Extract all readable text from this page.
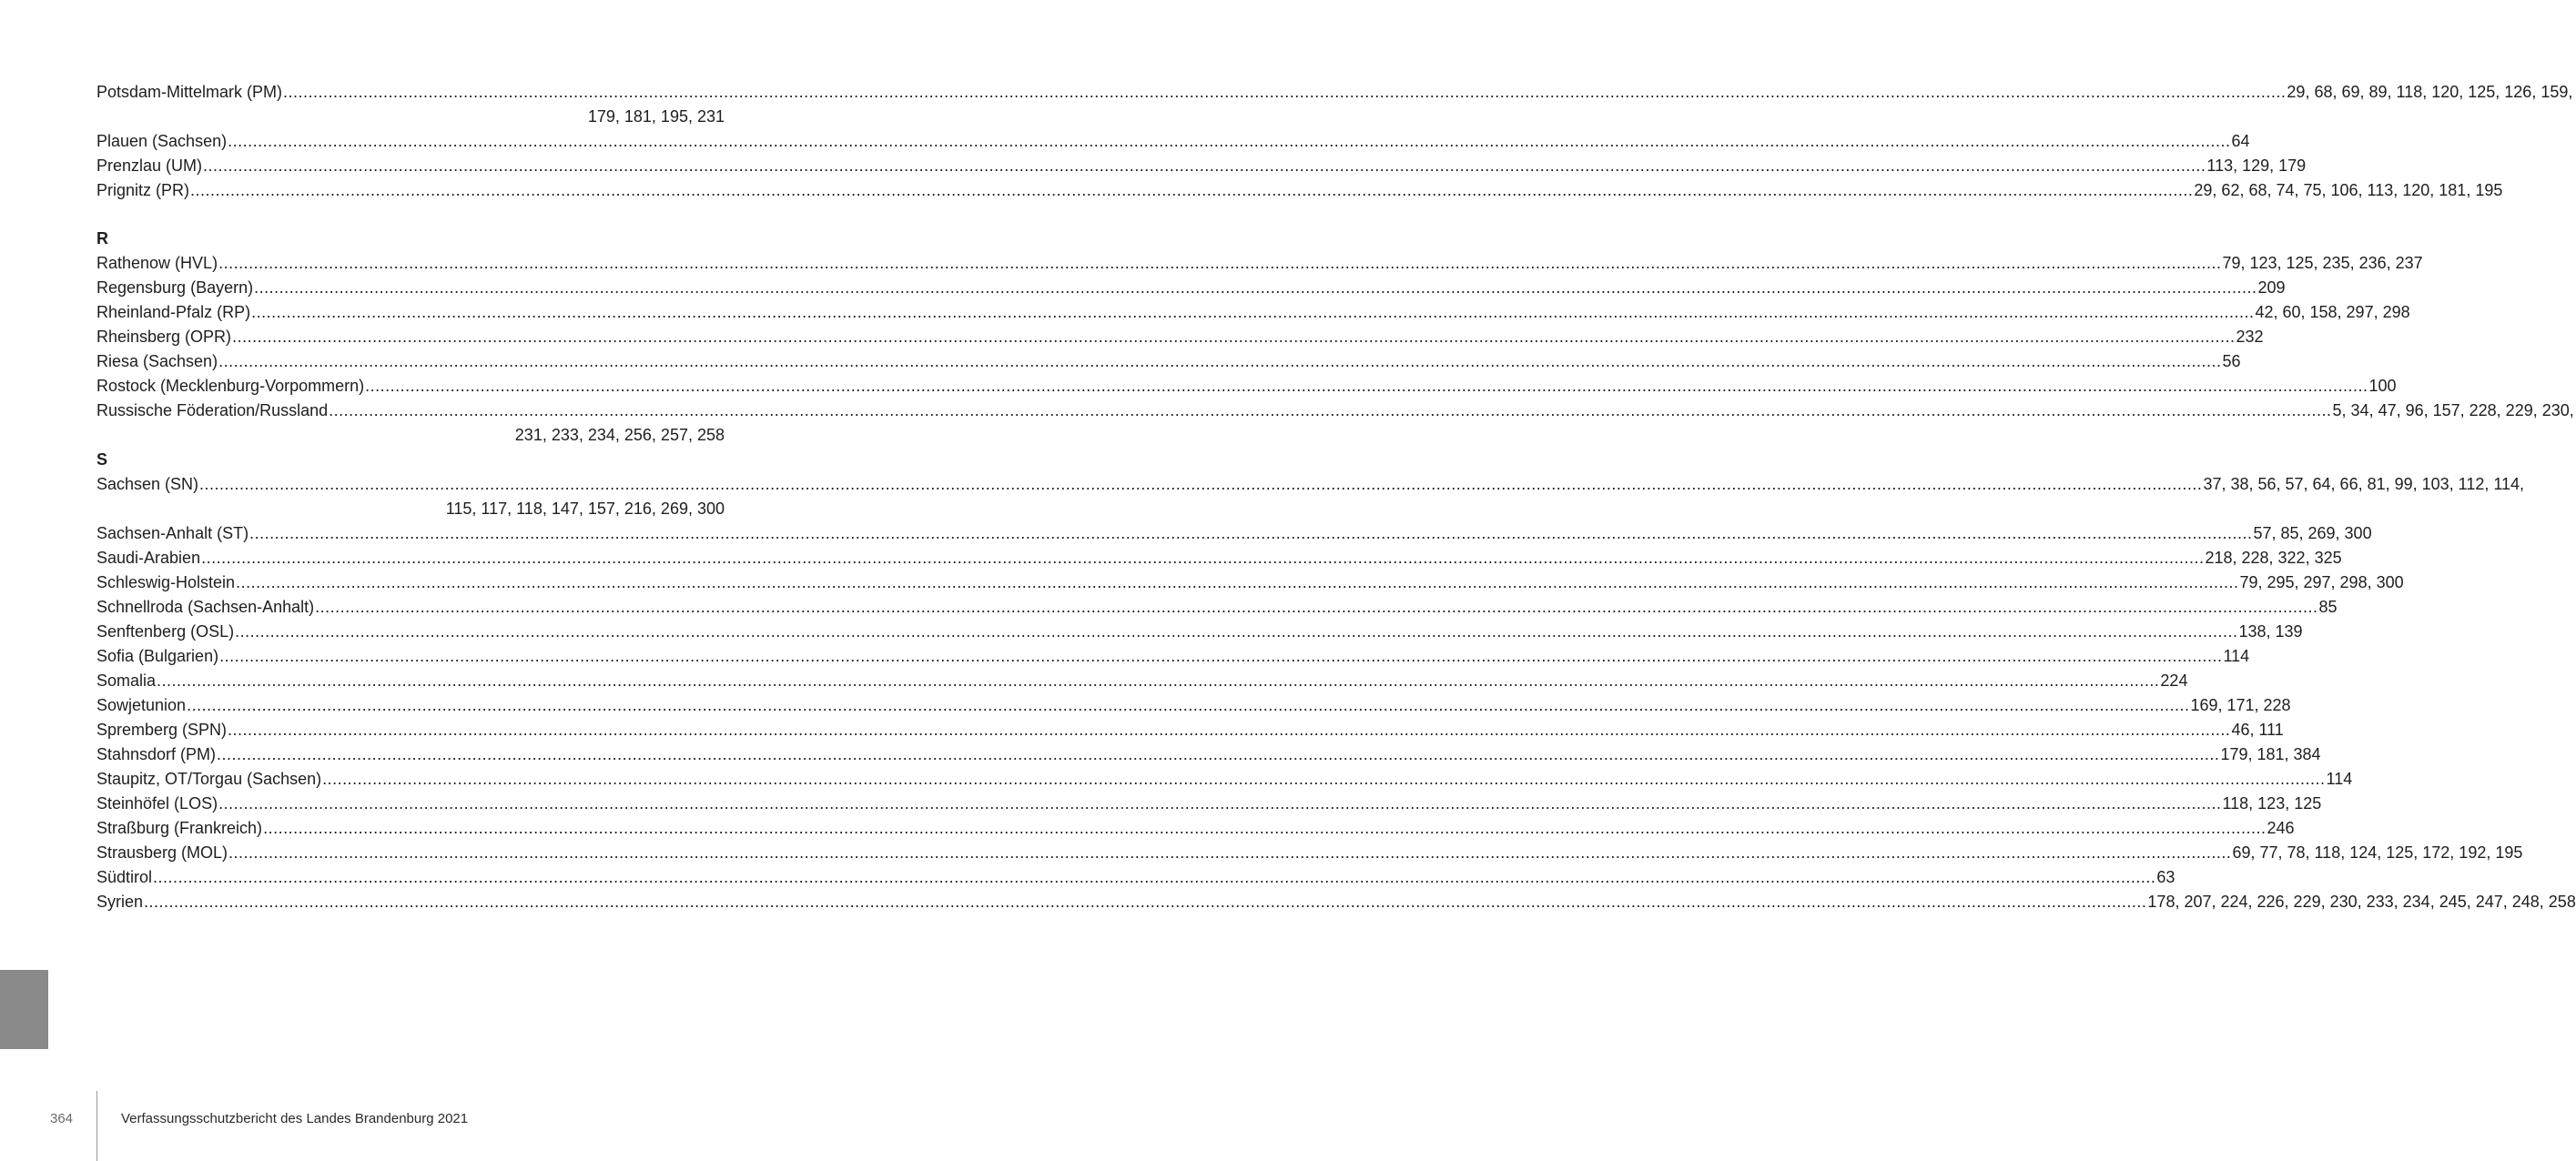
Potsdam-Mittelmark (PM) ................................................................................................................................................................................................................................................................................................................................................................................................................ 29, 68, 69, 89, 118, 120, 125, 126, 159,
179, 181, 195, 231
Plauen (Sachsen) ................................................................................................................................................................................................................................................................................................................................................................................................................ 64
Prenzlau (UM) ................................................................................................................................................................................................................................................................................................................................................................................................................ 113, 129, 179
Prignitz (PR) ................................................................................................................................................................................................................................................................................................................................................................................................................ 29, 62, 68, 74, 75, 106, 113, 120, 181, 195
R
Rathenow (HVL) ................................................................................................................................................................................................................................................................................................................................................................................................................ 79, 123, 125, 235, 236, 237
Regensburg (Bayern) ................................................................................................................................................................................................................................................................................................................................................................................................................ 209
Rheinland-Pfalz (RP) ................................................................................................................................................................................................................................................................................................................................................................................................................ 42, 60, 158, 297, 298
Rheinsberg (OPR) ................................................................................................................................................................................................................................................................................................................................................................................................................ 232
Riesa (Sachsen) ................................................................................................................................................................................................................................................................................................................................................................................................................ 56
Rostock (Mecklenburg-Vorpommern) ................................................................................................................................................................................................................................................................................................................................................................................................................ 100
Russische Föderation/Russland ................................................................................................................................................................................................................................................................................................................................................................................................................ 5, 34, 47, 96, 157, 228, 229, 230,
231, 233, 234, 256, 257, 258
S
Sachsen (SN) ................................................................................................................................................................................................................................................................................................................................................................................................................ 37, 38, 56, 57, 64, 66, 81, 99, 103, 112, 114,
115, 117, 118, 147, 157, 216, 269, 300
Sachsen-Anhalt (ST) ................................................................................................................................................................................................................................................................................................................................................................................................................ 57, 85, 269, 300
Saudi-Arabien ................................................................................................................................................................................................................................................................................................................................................................................................................ 218, 228, 322, 325
Schleswig-Holstein ................................................................................................................................................................................................................................................................................................................................................................................................................ 79, 295, 297, 298, 300
Schnellroda (Sachsen-Anhalt) ................................................................................................................................................................................................................................................................................................................................................................................................................ 85
Senftenberg (OSL) ................................................................................................................................................................................................................................................................................................................................................................................................................ 138, 139
Sofia (Bulgarien) ................................................................................................................................................................................................................................................................................................................................................................................................................ 114
Somalia ................................................................................................................................................................................................................................................................................................................................................................................................................ 224
Sowjetunion ................................................................................................................................................................................................................................................................................................................................................................................................................ 169, 171, 228
Spremberg (SPN) ................................................................................................................................................................................................................................................................................................................................................................................................................ 46, 111
Stahnsdorf (PM) ................................................................................................................................................................................................................................................................................................................................................................................................................ 179, 181, 384
Staupitz, OT/Torgau (Sachsen) ................................................................................................................................................................................................................................................................................................................................................................................................................ 114
Steinhöfel (LOS) ................................................................................................................................................................................................................................................................................................................................................................................................................ 118, 123, 125
Straßburg (Frankreich) ................................................................................................................................................................................................................................................................................................................................................................................................................ 246
Strausberg (MOL) ................................................................................................................................................................................................................................................................................................................................................................................................................ 69, 77, 78, 118, 124, 125, 172, 192, 195
Südtirol ................................................................................................................................................................................................................................................................................................................................................................................................................ 63
Syrien ................................................................................................................................................................................................................................................................................................................................................................................................................ 178, 207, 224, 226, 229, 230, 233, 234, 245, 247, 248, 258
364	Verfassungsschutzbericht des Landes Brandenburg 2021
